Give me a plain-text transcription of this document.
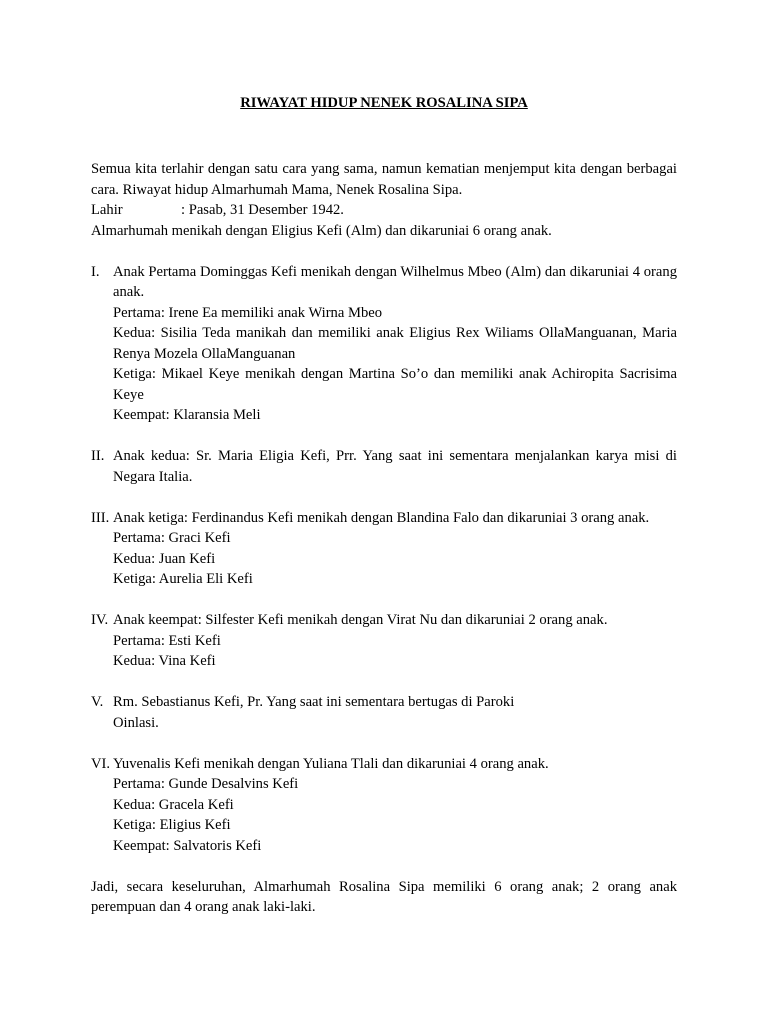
RIWAYAT HIDUP NENEK ROSALINA SIPA

Semua kita terlahir dengan satu cara yang sama, namun kematian menjemput kita dengan berbagai cara. Riwayat hidup Almarhumah Mama, Nenek Rosalina Sipa.

Lahir	: Pasab, 31 Desember 1942.

Almarhumah menikah dengan Eligius Kefi (Alm) dan dikaruniai 6 orang anak.

I. Anak Pertama Dominggas Kefi menikah dengan Wilhelmus Mbeo (Alm) dan dikaruniai 4 orang anak.

Pertama: Irene Ea memiliki anak Wirna Mbeo

Kedua: Sisilia Teda manikah dan memiliki anak Eligius Rex Wiliams OllaManguanan, Maria Renya Mozela OllaManguanan

Ketiga: Mikael Keye menikah dengan Martina So’o dan memiliki anak Achiropita Sacrisima Keye

Keempat: Klaransia Meli

II. Anak kedua: Sr. Maria Eligia Kefi, Prr. Yang saat ini sementara menjalankan karya misi di Negara Italia.

III. Anak ketiga: Ferdinandus Kefi menikah dengan Blandina Falo dan dikaruniai 3 orang anak.

Pertama: Graci Kefi

Kedua: Juan Kefi

Ketiga: Aurelia Eli Kefi

IV. Anak keempat: Silfester Kefi menikah dengan Virat Nu dan dikaruniai 2 orang anak.

Pertama: Esti Kefi

Kedua: Vina Kefi

V. Rm. Sebastianus Kefi, Pr. Yang saat ini sementara bertugas di Paroki

Oinlasi.

VI. Yuvenalis Kefi menikah dengan Yuliana Tlali dan dikaruniai 4 orang anak.

Pertama: Gunde Desalvins Kefi

Kedua: Gracela Kefi

Ketiga: Eligius Kefi

Keempat: Salvatoris Kefi

Jadi, secara keseluruhan, Almarhumah Rosalina Sipa memiliki 6 orang anak; 2 orang anak perempuan dan 4 orang anak laki-laki.
